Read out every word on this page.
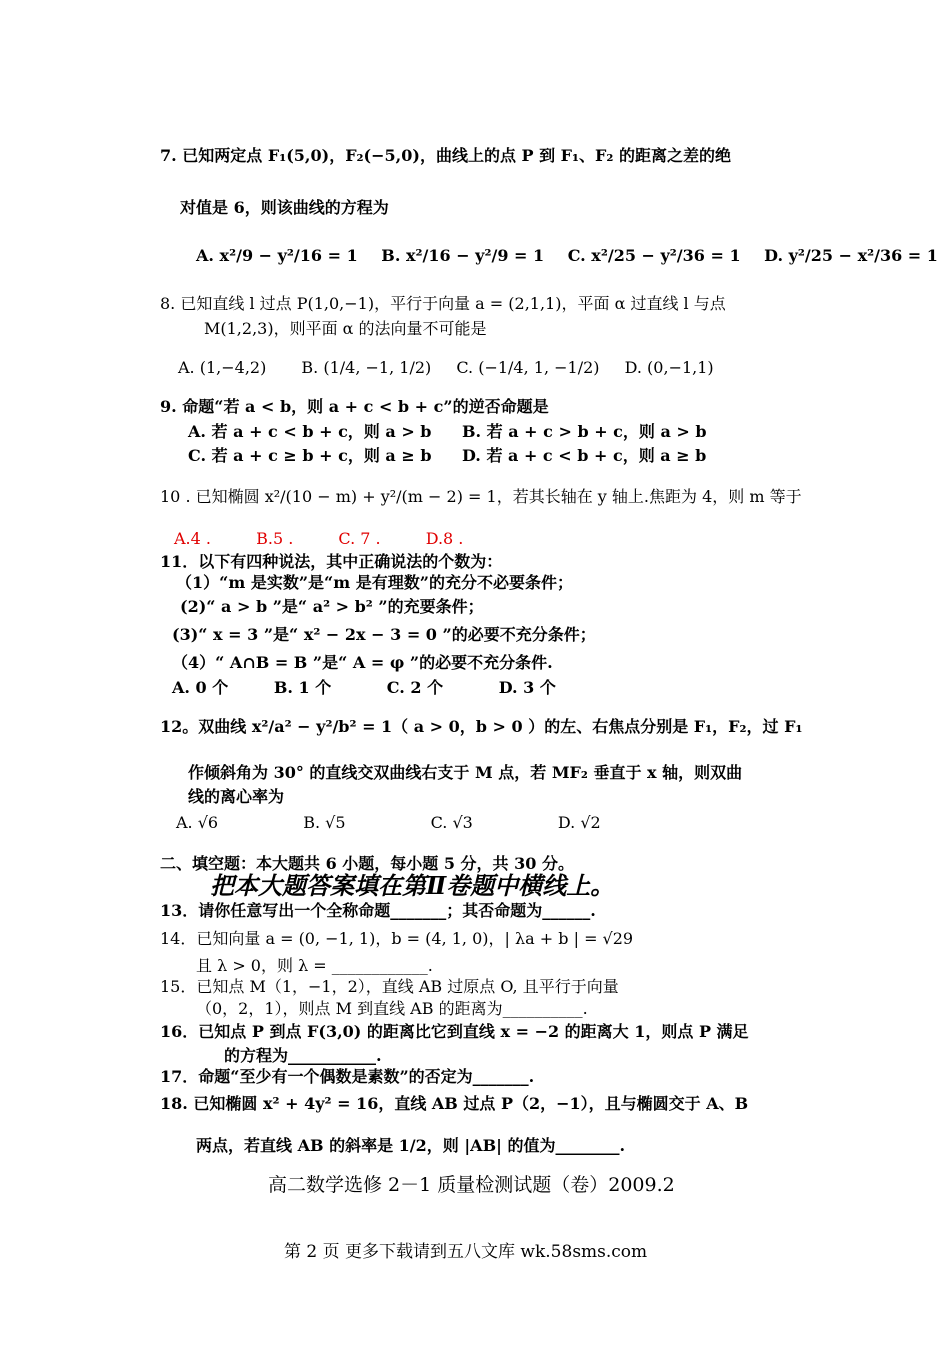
7. 已知两定点 F₁(5,0)，F₂(−5,0)，曲线上的点 P 到 F₁、F₂ 的距离之差的绝
对值是 6，则该曲线的方程为
A. x²/9 − y²/16 = 1 B. x²/16 − y²/9 = 1 C. x²/25 − y²/36 = 1 D. y²/25 − x²/36 = 1
8. 已知直线 l 过点 P(1,0,−1)，平行于向量 a = (2,1,1)，平面 α 过直线 l 与点
M(1,2,3)，则平面 α 的法向量不可能是
A. (1,−4,2) B. (1/4, −1, 1/2) C. (−1/4, 1, −1/2) D. (0,−1,1)
9. 命题“若 a < b，则 a + c < b + c”的逆否命题是
A. 若 a + c < b + c，则 a > b B. 若 a + c > b + c，则 a > b
C. 若 a + c ≥ b + c，则 a ≥ b D. 若 a + c < b + c，则 a ≥ b
10 . 已知椭圆 x²/(10 − m) + y²/(m − 2) = 1，若其长轴在 y 轴上.焦距为 4，则 m 等于
A.4 .	B.5 .	C. 7 .	D.8 .
11．以下有四种说法，其中正确说法的个数为：
（1）“m 是实数”是“m 是有理数”的充分不必要条件；
(2)“ a > b ”是“ a² > b² ”的充要条件；
(3)“ x = 3 ”是“ x² − 2x − 3 = 0 ”的必要不充分条件；
（4）“ A∩B = B ”是“ A = φ ”的必要不充分条件.
A. 0 个	B. 1 个	C. 2 个	D. 3 个
12。双曲线 x²/a² − y²/b² = 1（ a > 0，b > 0 ）的左、右焦点分别是 F₁，F₂，过 F₁
作倾斜角为 30° 的直线交双曲线右支于 M 点，若 MF₂ 垂直于 x 轴，则双曲
线的离心率为
A. √6	B. √5	C. √3	D. √2
二、填空题：本大题共 6 小题，每小题 5 分，共 30 分。
把本大题答案填在第Ⅱ卷题中横线上。
13．请你任意写出一个全称命题_______；其否命题为______.
14．已知向量 a = (0, −1, 1)，b = (4, 1, 0)，| λa + b | = √29
且 λ > 0，则 λ = ____________.
15．已知点 M（1，−1，2），直线 AB 过原点 O, 且平行于向量
（0，2，1），则点 M 到直线 AB 的距离为__________.
16．已知点 P 到点 F(3,0) 的距离比它到直线 x = −2 的距离大 1，则点 P 满足
的方程为___________.
17．命题“至少有一个偶数是素数”的否定为_______.
18. 已知椭圆 x² + 4y² = 16，直线 AB 过点 P（2，−1），且与椭圆交于 A、B
两点，若直线 AB 的斜率是 1/2，则 |AB| 的值为________.
高二数学选修 2－1 质量检测试题（卷）2009.2
第 2 页 更多下载请到五八文库 wk.58sms.com
